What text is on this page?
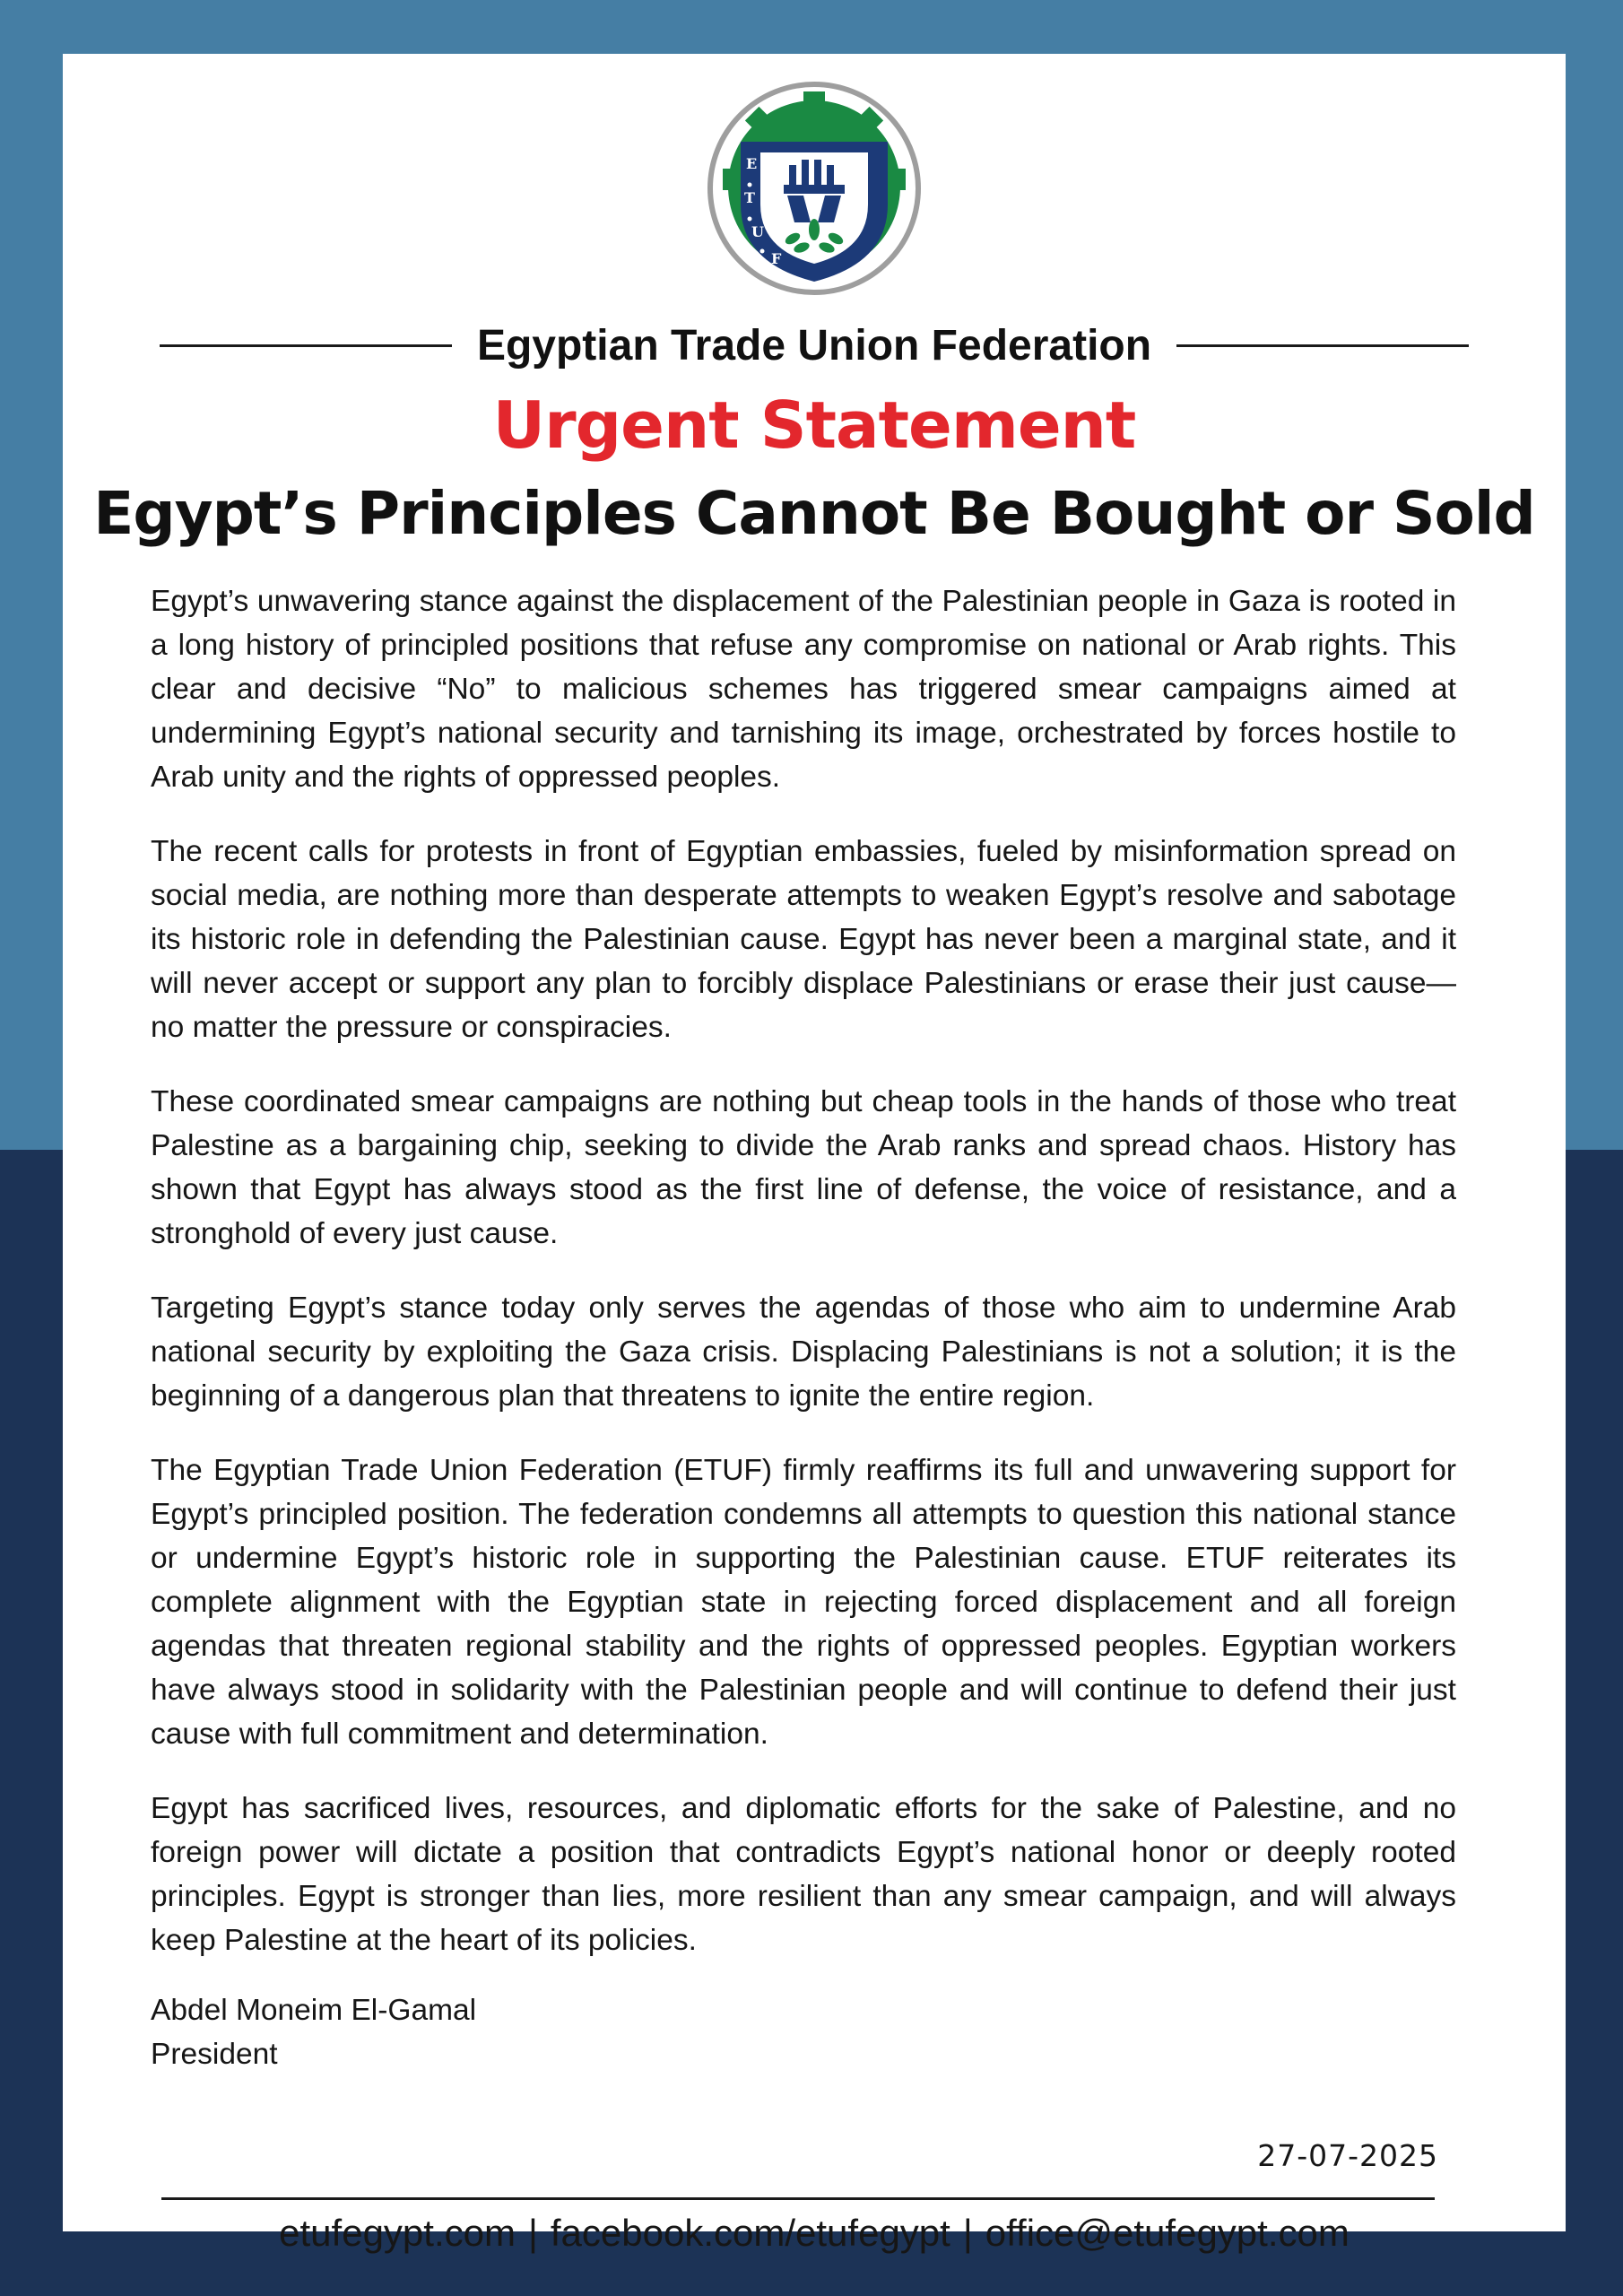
E
T
U
F
Egyptian Trade Union Federation
Urgent Statement
Egypt’s Principles Cannot Be Bought or Sold

Egypt’s unwavering stance against the displacement of the Palestinian people in Gaza is rooted in a long history of principled positions that refuse any compromise on national or Arab rights. This clear and decisive “No” to malicious schemes has triggered smear campaigns aimed at undermining Egypt’s national security and tarnishing its image, orchestrated by forces hostile to Arab unity and the rights of oppressed peoples.

The recent calls for protests in front of Egyptian embassies, fueled by misinformation spread on social media, are nothing more than desperate attempts to weaken Egypt’s resolve and sabotage its historic role in defending the Palestinian cause. Egypt has never been a marginal state, and it will never accept or support any plan to forcibly displace Palestinians or erase their just cause—no matter the pressure or conspiracies.

These coordinated smear campaigns are nothing but cheap tools in the hands of those who treat Palestine as a bargaining chip, seeking to divide the Arab ranks and spread chaos. History has shown that Egypt has always stood as the first line of defense, the voice of resistance, and a stronghold of every just cause.

Targeting Egypt’s stance today only serves the agendas of those who aim to undermine Arab national security by exploiting the Gaza crisis. Displacing Palestinians is not a solution; it is the beginning of a dangerous plan that threatens to ignite the entire region.

The Egyptian Trade Union Federation (ETUF) firmly reaffirms its full and unwavering support for Egypt’s principled position. The federation condemns all attempts to question this national stance or undermine Egypt’s historic role in supporting the Palestinian cause. ETUF reiterates its complete alignment with the Egyptian state in rejecting forced displacement and all foreign agendas that threaten regional stability and the rights of oppressed peoples. Egyptian workers have always stood in solidarity with the Palestinian people and will continue to defend their just cause with full commitment and determination.

Egypt has sacrificed lives, resources, and diplomatic efforts for the sake of Palestine, and no foreign power will dictate a position that contradicts Egypt’s national honor or deeply rooted principles. Egypt is stronger than lies, more resilient than any smear campaign, and will always keep Palestine at the heart of its policies.

Abdel Moneim El-Gamal
President
27-07-2025
etufegypt.com | facebook.com/etufegypt | office@etufegypt.com
